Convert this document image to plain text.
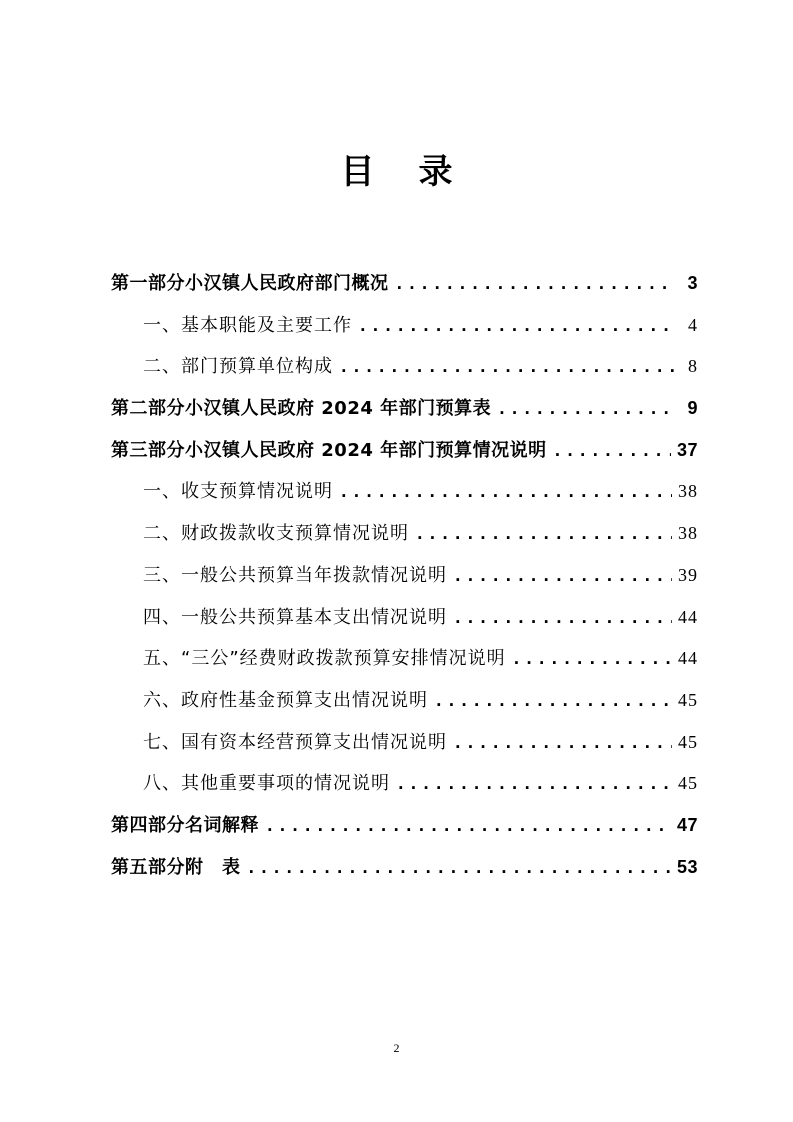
目录
第一部分小汉镇人民政府部门概况 .....	3
一、基本职能及主要工作 .....	4
二、部门预算单位构成 .....	8
第二部分小汉镇人民政府 2024 年部门预算表 .....	9
第三部分小汉镇人民政府 2024 年部门预算情况说明 .....	37
一、收支预算情况说明 .....	38
二、财政拨款收支预算情况说明 .....	38
三、一般公共预算当年拨款情况说明 .....	39
四、一般公共预算基本支出情况说明 .....	44
五、“三公”经费财政拨款预算安排情况说明 .....	44
六、政府性基金预算支出情况说明 .....	45
七、国有资本经营预算支出情况说明 .....	45
八、其他重要事项的情况说明 .....	45
第四部分名词解释 .....	47
第五部分附　表 .....	53
2
